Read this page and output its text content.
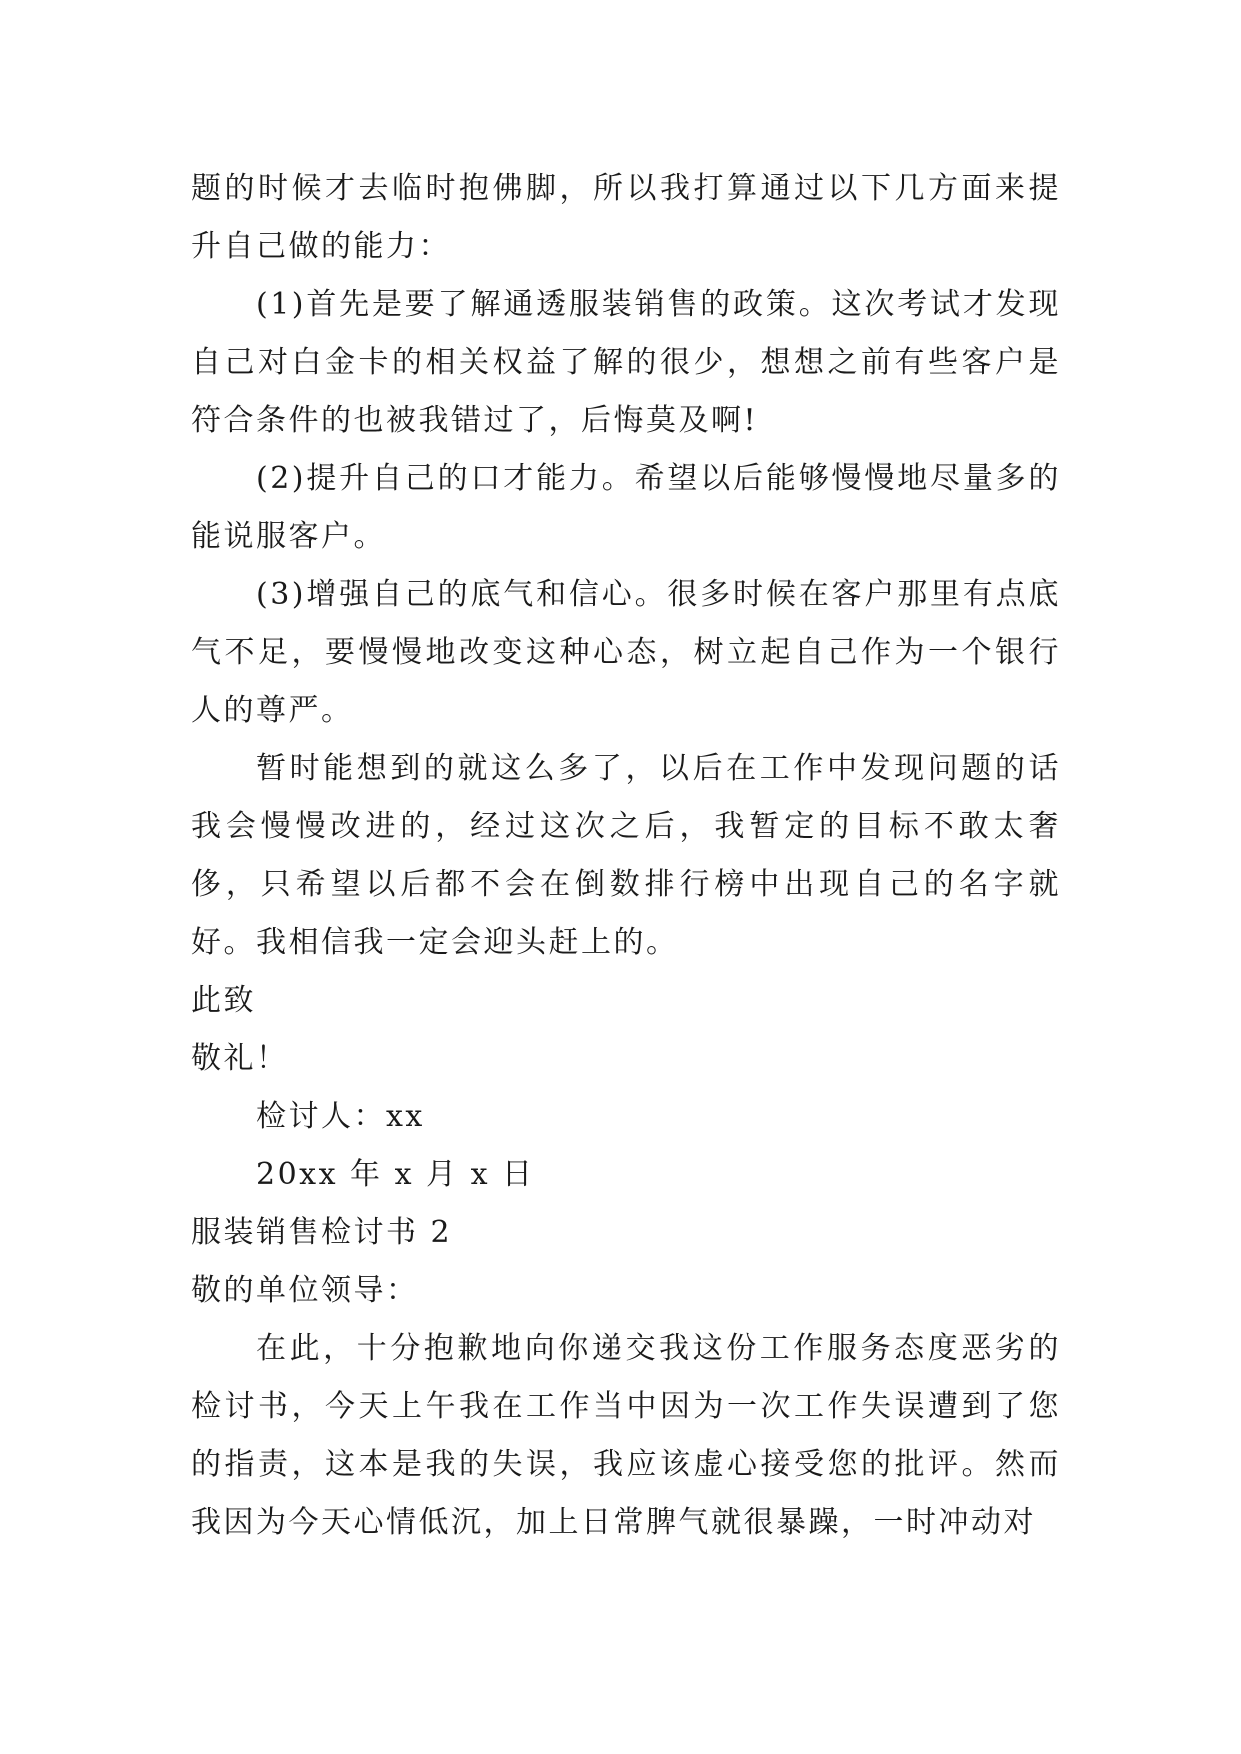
题的时候才去临时抱佛脚，所以我打算通过以下几方面来提升自己做的能力：

(1)首先是要了解通透服装销售的政策。这次考试才发现自己对白金卡的相关权益了解的很少，想想之前有些客户是符合条件的也被我错过了，后悔莫及啊!

(2)提升自己的口才能力。希望以后能够慢慢地尽量多的能说服客户。

(3)增强自己的底气和信心。很多时候在客户那里有点底气不足，要慢慢地改变这种心态，树立起自己作为一个银行人的尊严。

暂时能想到的就这么多了，以后在工作中发现问题的话我会慢慢改进的，经过这次之后，我暂定的目标不敢太奢侈，只希望以后都不会在倒数排行榜中出现自己的名字就好。我相信我一定会迎头赶上的。

此致

敬礼！

检讨人：xx

20xx 年 x 月 x 日

服装销售检讨书 2

敬的单位领导：

在此，十分抱歉地向你递交我这份工作服务态度恶劣的检讨书，今天上午我在工作当中因为一次工作失误遭到了您的指责，这本是我的失误，我应该虚心接受您的批评。然而我因为今天心情低沉，加上日常脾气就很暴躁，一时冲动对
